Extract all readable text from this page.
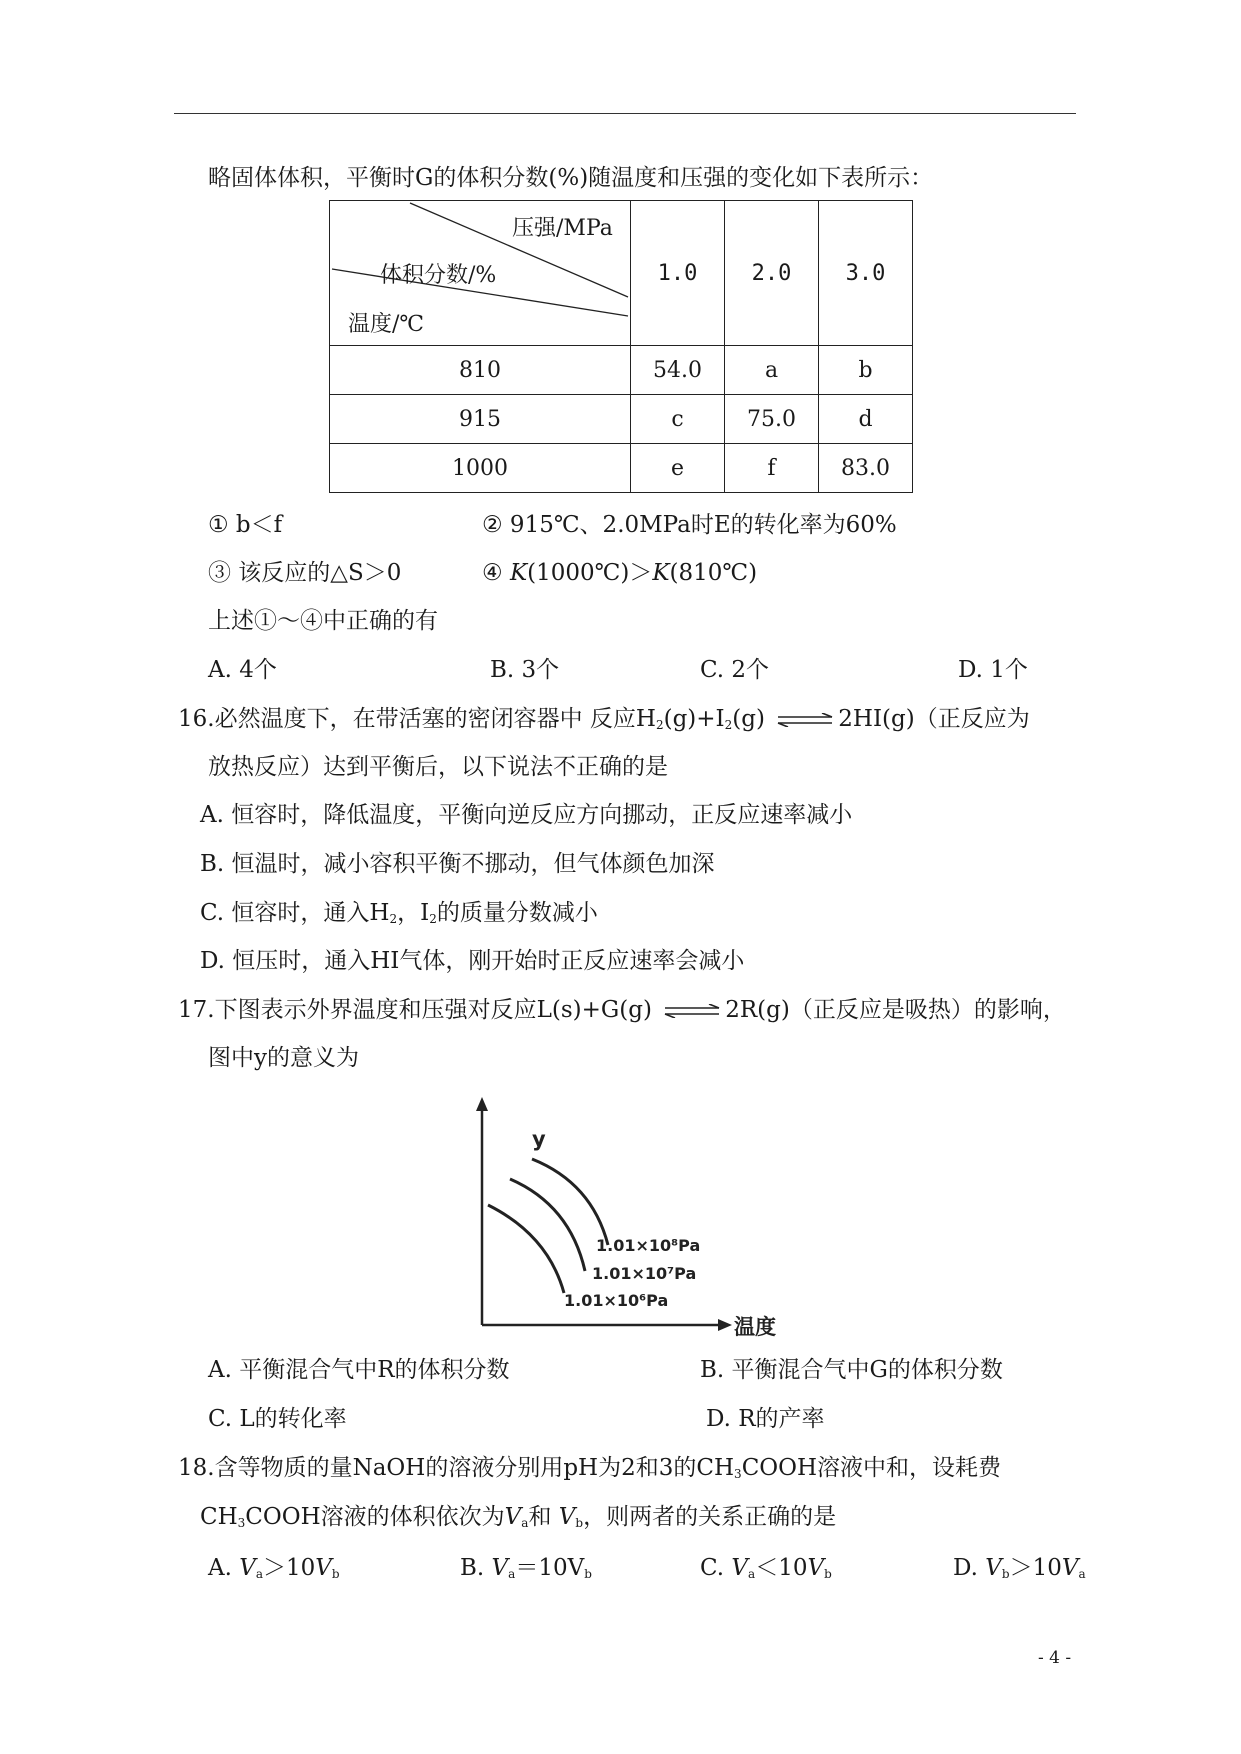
略固体体积，平衡时G的体积分数(%)随温度和压强的变化如下表所示：
压强/MPa
体积分数/%
温度/℃	1.0	2.0	3.0
810	54.0	a	b
915	c	75.0	d
1000	e	f	83.0
① b＜f	② 915℃、2.0MPa时E的转化率为60%
③ 该反应的△S＞0	④ K(1000℃)＞K(810℃)
上述①～④中正确的有
A. 4个	B. 3个	C. 2个	D. 1个
16.必然温度下，在带活塞的密闭容器中 反应$H_2(g)+I_2(g)$ ⇌ 2HI(g)（正反应为
放热反应）达到平衡后，以下说法不正确的是
A. 恒容时，降低温度，平衡向逆反应方向挪动，正反应速率减小
B. 恒温时，减小容积平衡不挪动，但气体颜色加深
C. 恒容时，通入$H_2$，$I_2$的质量分数减小
D. 恒压时，通入HI气体，刚开始时正反应速率会减小
17.下图表示外界温度和压强对反应L(s)+G(g) ⇌ 2R(g)（正反应是吸热）的影响，
图中y的意义为
y
温度
1.01×10⁸Pa
1.01×10⁷Pa
1.01×10⁶Pa
A. 平衡混合气中R的体积分数	B. 平衡混合气中G的体积分数
C. L的转化率	D. R的产率
18.含等物质的量NaOH的溶液分别用pH为2和3的$CH_3COOH$溶液中和，设耗费
$CH_3COOH$溶液的体积依次为$V_a$和 $V_b$，则两者的关系正确的是
A. $V_a>10V_b$	B. $V_a=10V_b$	C. $V_a<10V_b$	D. $V_b>10V_a$
- 4 -
